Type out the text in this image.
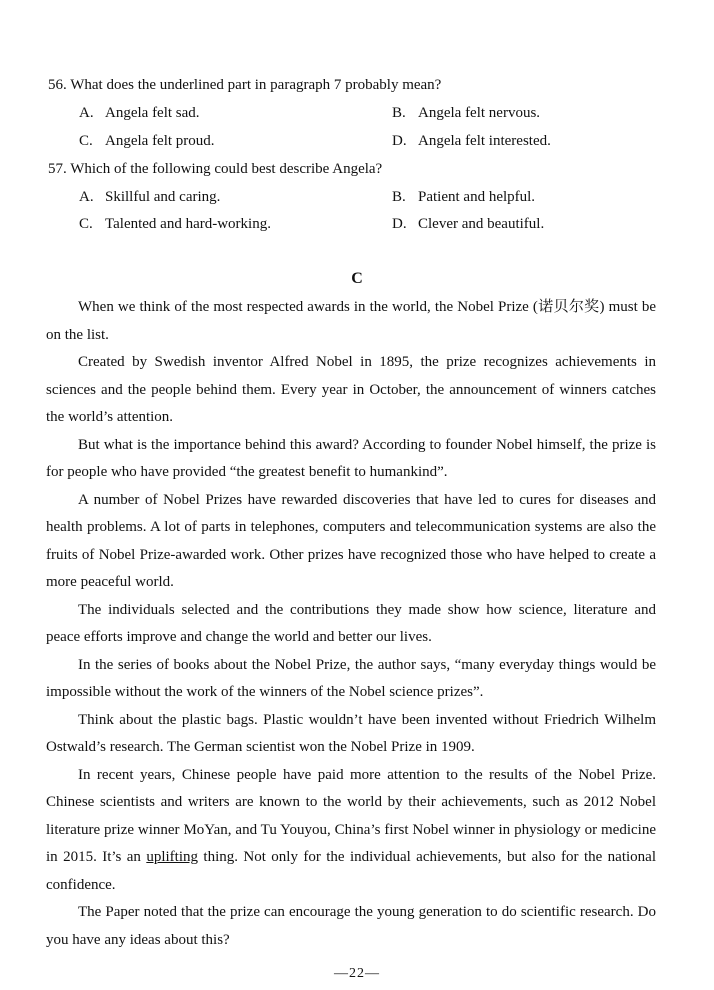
56. What does the underlined part in paragraph 7 probably mean?
A. Angela felt sad.	B. Angela felt nervous.
C. Angela felt proud.	D. Angela felt interested.
57. Which of the following could best describe Angela?
A. Skillful and caring.	B. Patient and helpful.
C. Talented and hard-working.	D. Clever and beautiful.
C

When we think of the most respected awards in the world, the Nobel Prize (诺贝尔奖) must be on the list.

Created by Swedish inventor Alfred Nobel in 1895, the prize recognizes achievements in sciences and the people behind them. Every year in October, the announcement of winners catches the world’s attention.

But what is the importance behind this award? According to founder Nobel himself, the prize is for people who have provided “the greatest benefit to humankind”.

A number of Nobel Prizes have rewarded discoveries that have led to cures for diseases and health problems. A lot of parts in telephones, computers and telecommunication systems are also the fruits of Nobel Prize-awarded work. Other prizes have recognized those who have helped to create a more peaceful world.

The individuals selected and the contributions they made show how science, literature and peace efforts improve and change the world and better our lives.

In the series of books about the Nobel Prize, the author says, “many everyday things would be impossible without the work of the winners of the Nobel science prizes”.

Think about the plastic bags. Plastic wouldn’t have been invented without Friedrich Wilhelm Ostwald’s research. The German scientist won the Nobel Prize in 1909.

In recent years, Chinese people have paid more attention to the results of the Nobel Prize. Chinese scientists and writers are known to the world by their achievements, such as 2012 Nobel literature prize winner MoYan, and Tu Youyou, China’s first Nobel winner in physiology or medicine in 2015. It’s an uplifting thing. Not only for the individual achievements, but also for the national confidence.

The Paper noted that the prize can encourage the young generation to do scientific research. Do you have any ideas about this?

—22—
